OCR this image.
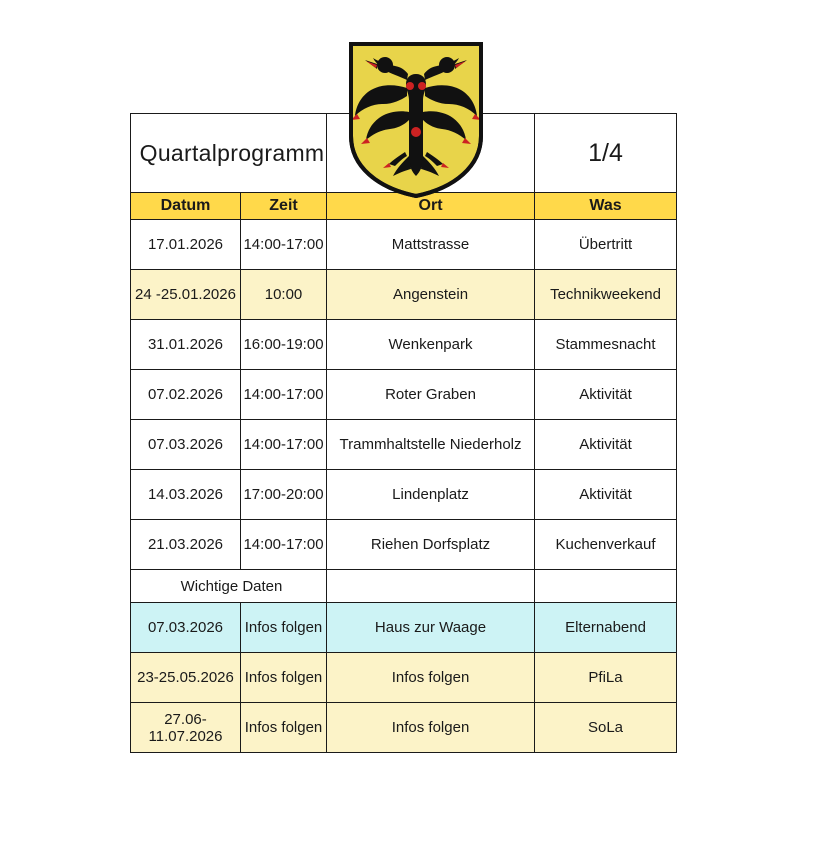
Quartalprogramm			1/4
Datum	Zeit	Ort	Was
17.01.2026	14:00-17:00	Mattstrasse	Übertritt
24 -25.01.2026	10:00	Angenstein	Technikweekend
31.01.2026	16:00-19:00	Wenkenpark	Stammesnacht
07.02.2026	14:00-17:00	Roter Graben	Aktivität
07.03.2026	14:00-17:00	Trammhaltstelle Niederholz	Aktivität
14.03.2026	17:00-20:00	Lindenplatz	Aktivität
21.03.2026	14:00-17:00	Riehen Dorfsplatz	Kuchenverkauf
Wichtige Daten			
07.03.2026	Infos folgen	Haus zur Waage	Elternabend
23-25.05.2026	Infos folgen	Infos folgen	PfiLa
27.06-11.07.2026	Infos folgen	Infos folgen	SoLa
